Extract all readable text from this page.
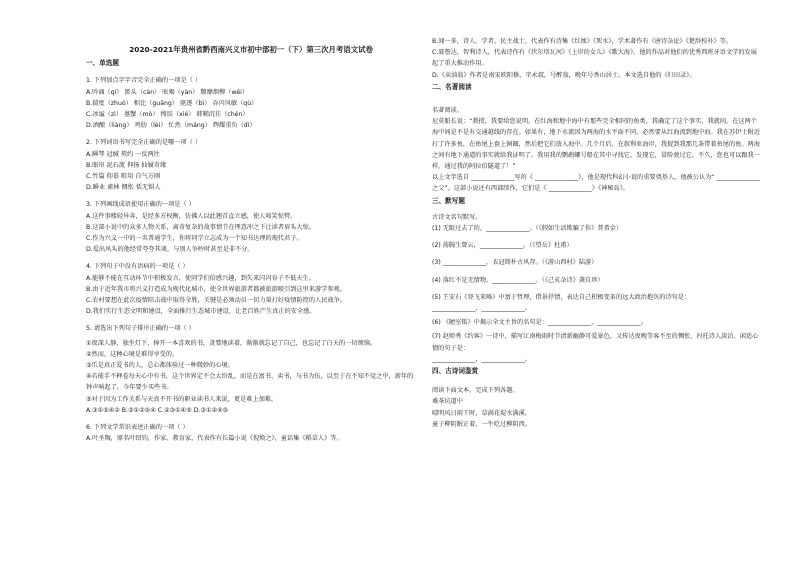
2020-2021年贵州省黔西南兴义市初中部初一（下）第三次月考语文试卷
一、单选题
1. 下列加点字字音完全正确的一项是（ ）
A.吟诵（qí） 匿头（càn） 吆喝（yàn） 颓靡烟柳（wěi）
B.揣度（zhuó） 相比（guāng） 驱逐（bì） 吞闪风敏（qù）
C.冰谧（zì） 墓蟹（mò） 搜辰（xié） 韩鞘沉佳（chén）
D.酒酿（liàng） 鸡肋（lèi） 忙然（máng） 辉耀重负（dì）
2. 下列词语书写完全正确的是哪一项（ ）
A.瞬琴 冠缄 契约 一反两往
B.眼帘 泥石流 抑扬 仙履奇缘
C.竹篇 仰慕 畦俎 自气方刚
D.瞬业 素林 惆怅 恬无惧人
3. 下列画线成语使用正确的一项是（ ）
A.这件事楼轻异奔，是经多方权衡，仿佛人以此翘首直立感，使人啼笑惊愕。
B.这部小说中的众多人物关系，离奇复杂的故事情节在理意冲之下让读者眉头大惊。
C.作为兴义一中的一名普通学生，你将同学立志成为一个知书达理的现代君子。
D.爱出风头的他经常夸夸其谈，与别人争吵时甚至是非不分。
4. 下列句子中没有语病的一项是（ ）
A.能够不能在互动环节中积极发言，使同学们倍感兴趣，到失来闪闪谷子不低天生。
B.由于近年我市将兴义打造成为现代化城市，使全世界旅游者都被旅游吸引到这里来游学参观。
C.农村要想在此次疫情阻击战中取得全胜，关键是必须动员一切力量打好疫情防控的人民战争。
D.我们实行生态文明和建设，全面推行生态城市建设，让老百姓产生真正的安全感。
5. 请选出下列句子排序正确的一项（ ）
①夜深人静，独坐灯下，捧开一本喜欢的书，贪婪地读着，渐渐就忘记了自己，也忘记了白天的一切烦恼。
②然而，这种心境是难得享受的。
③爪是真正爱书的人，总心都体验过一种微妙的心境。
④若能手不释卷每天心中有书，这个世界定不会太纷乱，而是在富书、卖书，与书为伍，以至于在不知不觉之中，新年的钟声响起了，今年要少买些书。
⑤对于因为工作关系与天真不开书的职业读书人来说，更是难上加难。
A.③①⑤④② B.③①②⑤④ C.②③①④⑤ D.③①②④⑤
6. 下列文学常识表述正确的一项（ ）
A.叶圣陶，原名叶绍钧，作家、教育家，代表作有长篇小说《倪焕之》，童话集《稻草人》等。
B.闻一多，诗人、学者、民主战士，代表作有诗集《红烛》《死水》，学术著作有《唐诗杂论》《楚辞校补》等。
C.聂鲁达，智利诗人，代表诗作有《伏尔塔瓦河》《上岸的女儿》《歌大海》，他的作品对他们的优秀西班牙语文学的发展起了重大推动作用。
D.《卖油翁》作者是南宋欧阳修，字永叔，号醉翁，晚年号香山居士。本文选自他的《归田录》。
二、名著阅读
名著阅读。
尼莫船长说：“教授，我要给您说明，在红海和地中海中有那些完全相同的鱼类，我确定了这个事实，我就问，在这两个海中间是不是有交通越线的存在。如果有，地下水流因为两海的水平面不同，必然要从红海流到地中海。我在苏伊士附近打了许多鱼，在鱼尾上套上铜圈，然后把它们放入海中。几个月后，在叙利亚海岸，我捉到我那几条带着鱼尾的鱼。两海之间有地下通道的事实就给我证明了。我用我的鹦鹉螺号船在其中寻找它、发现它，冒险驶过它，不久，您也可以跟我一样，通过我的阿拉伯隧道了！”
以上文字选自 ______________写的《 ______________》，他是现代科幻小说的重要奠基人，他被公认为“ ______________之父”。这部小说还有西部续作，它们是《 ______________》《神秘岛》。
三、默写题
古诗文名句默写。
(1) 无限过去了的，______________。（《假如生活欺骗了你》普希金）
(2) 荡胸生曾云，______________。（《望岳》杜甫）
(3) ______________，衣冠简朴古风存。（《游山西村》陆游）
(4) 落红不是无情物，______________。（《己亥杂诗》龚自珍）
(5) 王安石《登飞来峰》中富于哲理，借景抒情，表达自己积极变革的远大政治抱负的诗句是：
______________，______________。
(6) 《陋室铭》中揭示全文主旨的名句是：______________，______________。
(7) 赵师秀《约客》一诗中，描写江南梅雨时节清新幽静可爱景色，又传达夜晚等客不至的惆怅，衬托诗人淡泊、闲适心情的句子是：
______________，______________。
四、古诗词鉴赏
阅读下面文本，完成下列各题。
桑茶坑道中
晴明风日雨干时，草满花堤水满溪。
童子柳阴眠正着，一牛吃过柳阴西。
